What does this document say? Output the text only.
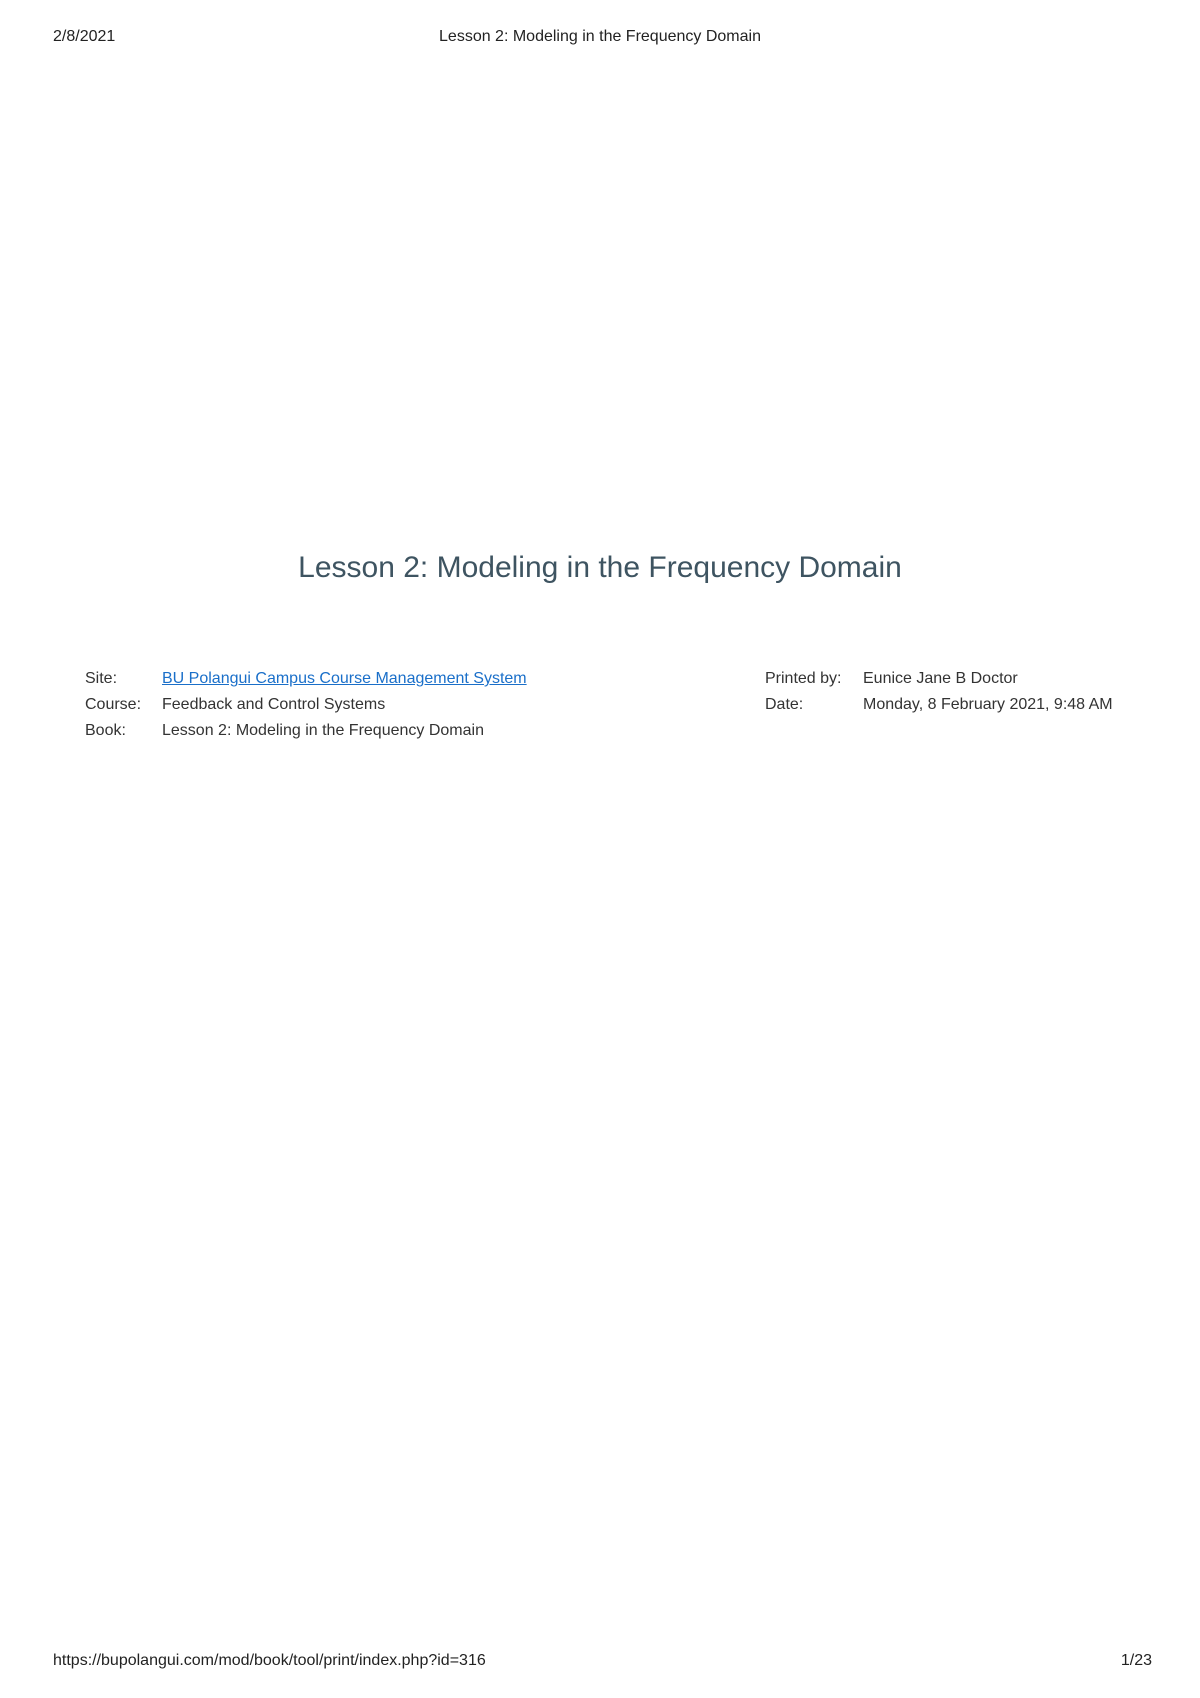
2/8/2021	Lesson 2: Modeling in the Frequency Domain
Lesson 2: Modeling in the Frequency Domain
Site:	BU Polangui Campus Course Management System
Course:	Feedback and Control Systems
Book:	Lesson 2: Modeling in the Frequency Domain
Printed by:	Eunice Jane B Doctor
Date:	Monday, 8 February 2021, 9:48 AM
https://bupolangui.com/mod/book/tool/print/index.php?id=316	1/23
